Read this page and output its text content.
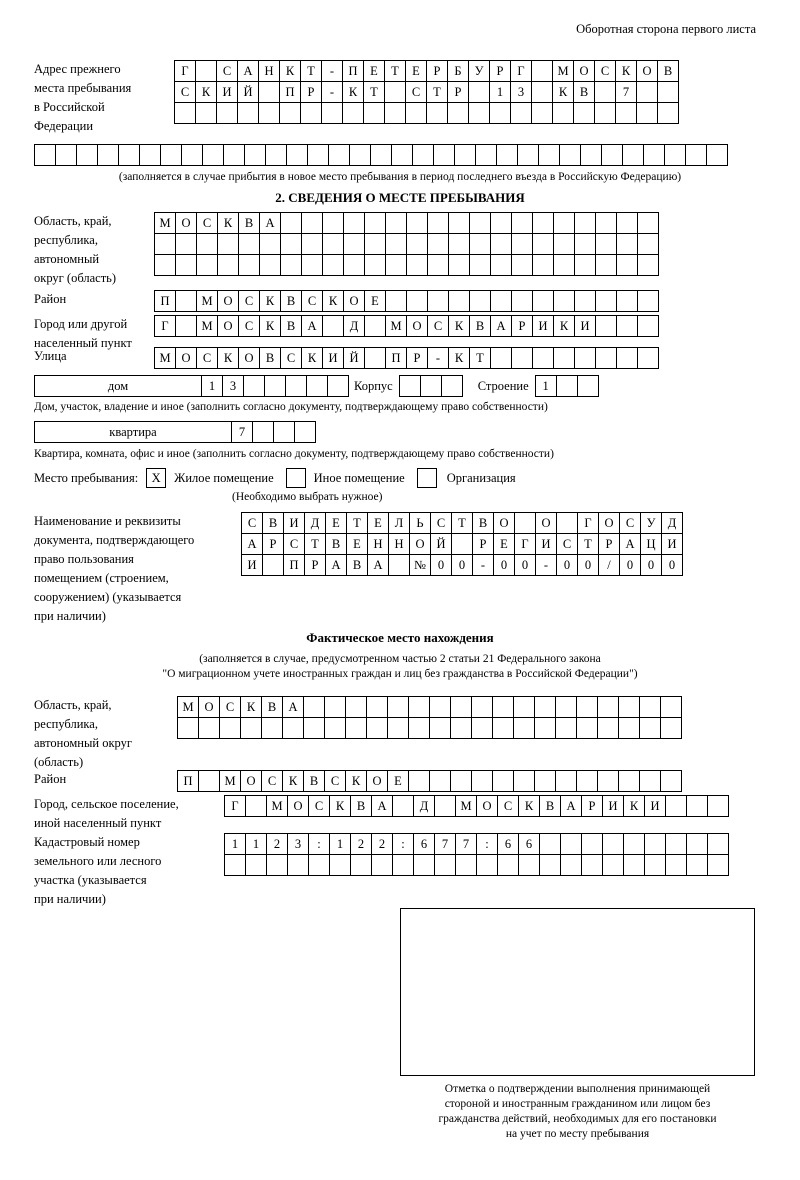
Оборотная сторона первого листа
Адрес прежнего
места пребывания
в Российской
Федерации
Г	С А Н К	Т	-	П	Е	Т	Е	Р	Б	У	Р	Г	М О С	К О В
С	К И Й	П	Р	-	К	Т	С	Т	Р	1	3	К	В	7
(заполняется в случае прибытия в новое место пребывания в период последнего въезда в Российскую Федерацию)
2. СВЕДЕНИЯ О МЕСТЕ ПРЕБЫВАНИЯ
Область, край,
республика,
автономный
округ (область)
М О С	К	В А
Район	П	М О С	К	В	С	К О	Е
Город или другой
населенный пункт
Г	М О С	К	В А	Д	М О С	К	В А	Р	И К И
Улица	М О С	К О В	С	К И Й	П	Р	-	К	Т
дом	1	3	Корпус	Строение	1
Дом, участок, владение и иное (заполнить согласно документу, подтверждающему право собственности)
квартира	7
Квартира, комната, офис и иное (заполнить согласно документу, подтверждающему право собственности)
Место пребывания:	Х	Жилое помещение	Иное помещение	Организация
(Необходимо выбрать нужное)
Наименование и реквизиты
документа, подтверждающего
право пользования
помещением (строением,
сооружением) (указывается
при наличии)
С	В И Д	Е	Т	Е	Л	Ь	С	Т	В О	О	Г	О С У Д
А	Р	С	Т	В	Е	Н Н О Й	Р	Е	Г	И С	Т	Р	А Ц И
И	П	Р	А В А	№ 0	0	-	0	0	-	0	0	/	0	0	0
Фактическое место нахождения
(заполняется в случае, предусмотренном частью 2 статьи 21 Федерального закона
"О миграционном учете иностранных граждан и лиц без гражданства в Российской Федерации")
Область, край,
республика,
автономный округ
(область)
М О С	К	В А
Район	П	М О С	К	В	С	К О	Е
Город, сельское поселение,
иной населенный пункт
Г	М О С	К	В А	Д	М О С	К	В А	Р	И К И
Кадастровый номер
земельного или лесного
участка (указывается
при наличии)
1	1	2	3	:	1	2	2	:	6	7	7	:	6	6
Отметка о подтверждении выполнения принимающей
стороной и иностранным гражданином или лицом без
гражданства действий, необходимых для его постановки
на учет по месту пребывания
